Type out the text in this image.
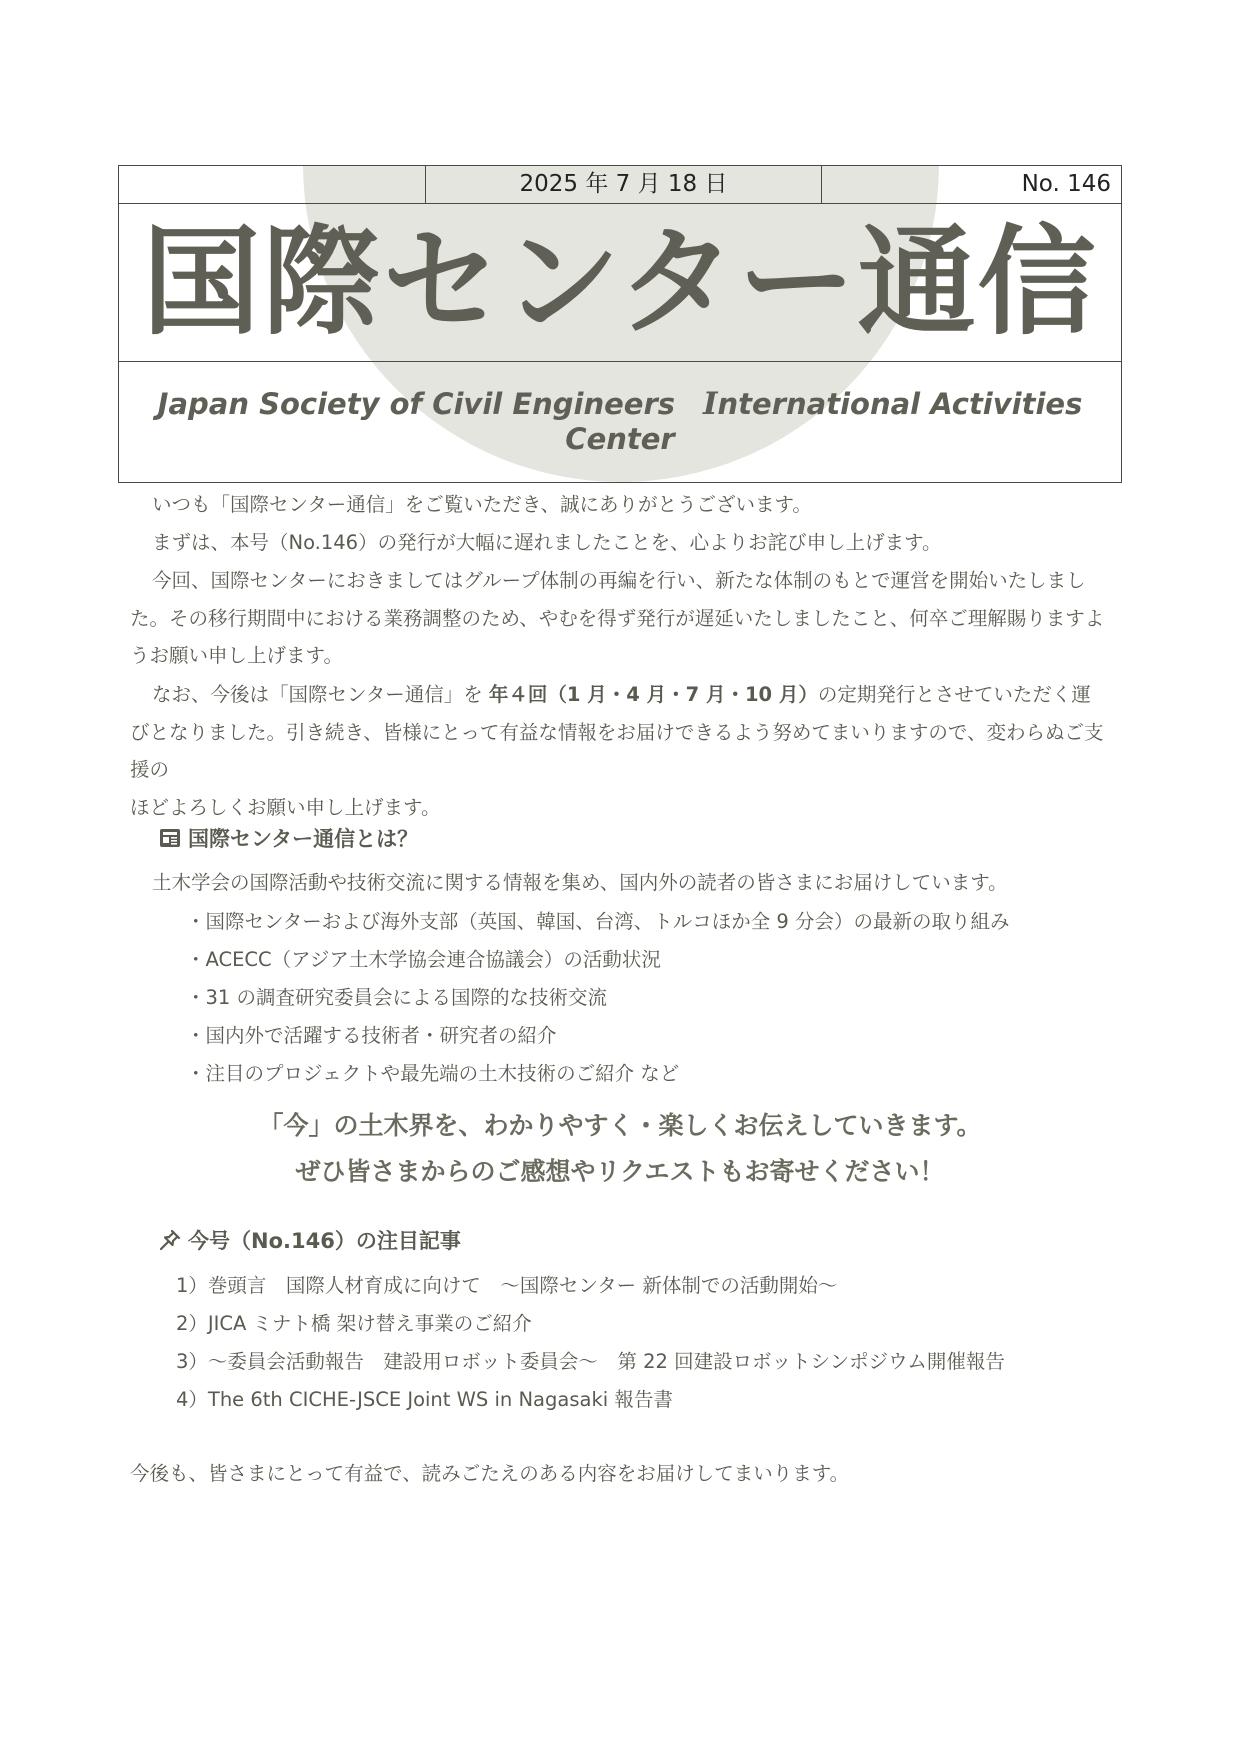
2025 年 7 月 18 日	No. 146
国際センター通信
Japan Society of Civil Engineers International Activities Center
いつも「国際センター通信」をご覧いただき、誠にありがとうございます。
まずは、本号（No.146）の発行が大幅に遅れましたことを、心よりお詫び申し上げます。
今回、国際センターにおきましてはグループ体制の再編を行い、新たな体制のもとで運営を開始いたしまし
た。その移行期間中における業務調整のため、やむを得ず発行が遅延いたしましたこと、何卒ご理解賜りますよ
うお願い申し上げます。
なお、今後は「国際センター通信」を 年４回（1 月・4 月・7 月・10 月）の定期発行とさせていただく運
びとなりました。引き続き、皆様にとって有益な情報をお届けできるよう努めてまいりますので、変わらぬご支援の
ほどよろしくお願い申し上げます。
国際センター通信とは？
土木学会の国際活動や技術交流に関する情報を集め、国内外の読者の皆さまにお届けしています。
・国際センターおよび海外支部（英国、韓国、台湾、トルコほか全 9 分会）の最新の取り組み
・ACECC（アジア土木学協会連合協議会）の活動状況
・31 の調査研究委員会による国際的な技術交流
・国内外で活躍する技術者・研究者の紹介
・注目のプロジェクトや最先端の土木技術のご紹介 など
「今」の土木界を、わかりやすく・楽しくお伝えしていきます。
ぜひ皆さまからのご感想やリクエストもお寄せください！
今号（No.146）の注目記事
1）巻頭言　国際人材育成に向けて　～国際センター 新体制での活動開始～
2）JICA ミナト橋 架け替え事業のご紹介
3）～委員会活動報告　建設用ロボット委員会～　第 22 回建設ロボットシンポジウム開催報告
4）The 6th CICHE-JSCE Joint WS in Nagasaki 報告書
今後も、皆さまにとって有益で、読みごたえのある内容をお届けしてまいります。
